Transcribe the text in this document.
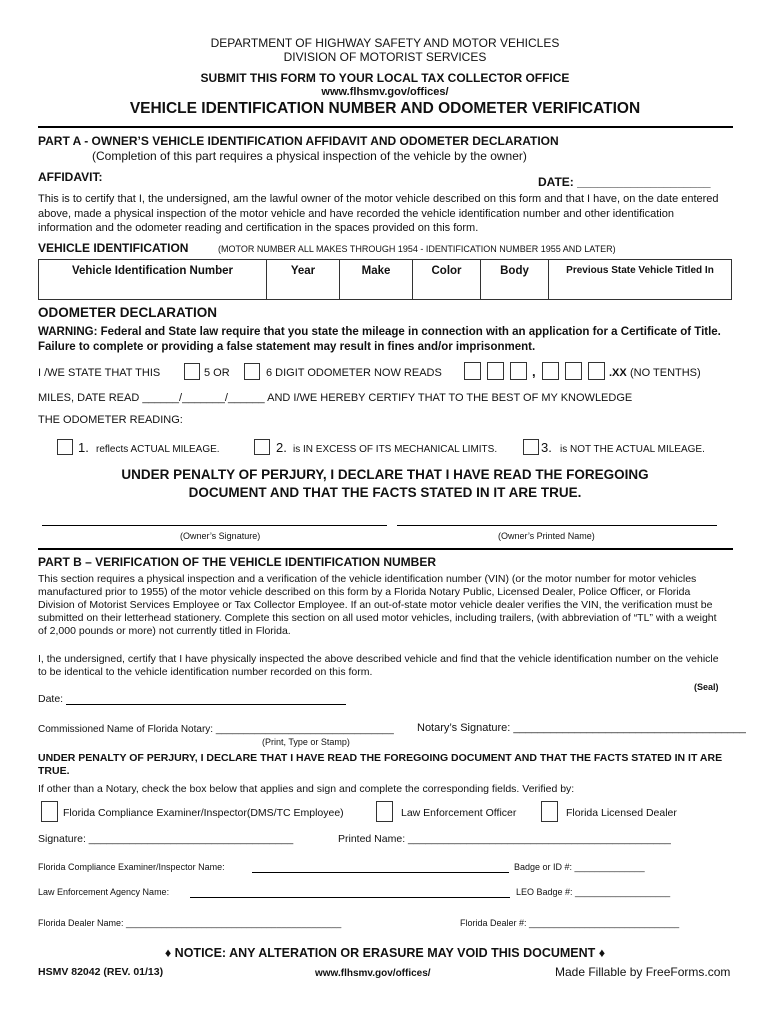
DEPARTMENT OF HIGHWAY SAFETY AND MOTOR VEHICLES
DIVISION OF MOTORIST SERVICES
SUBMIT THIS FORM TO YOUR LOCAL TAX COLLECTOR OFFICE
www.flhsmv.gov/offices/
VEHICLE IDENTIFICATION NUMBER AND ODOMETER VERIFICATION
PART A - OWNER’S VEHICLE IDENTIFICATION AFFIDAVIT AND ODOMETER DECLARATION
(Completion of this part requires a physical inspection of the vehicle by the owner)
AFFIDAVIT:	DATE: ____________________
This is to certify that I, the undersigned, am the lawful owner of the motor vehicle described on this form and that I have, on the date entered above, made a physical inspection of the motor vehicle and have recorded the vehicle identification number and other identification information and the odometer reading and certification in the spaces provided on this form.
VEHICLE IDENTIFICATION	(MOTOR NUMBER ALL MAKES THROUGH 1954 - IDENTIFICATION NUMBER 1955 AND LATER)
Vehicle Identification Number	Year	Make	Color	Body	Previous State Vehicle Titled In
ODOMETER DECLARATION
WARNING: Federal and State law require that you state the mileage in connection with an application for a Certificate of Title. Failure to complete or providing a false statement may result in fines and/or imprisonment.
I /WE STATE THAT THIS	5 OR	6 DIGIT ODOMETER NOW READS	,	.XX (NO TENTHS)
MILES, DATE READ ______/_______/______ AND I/WE HEREBY CERTIFY THAT TO THE BEST OF MY KNOWLEDGE
THE ODOMETER READING:
1. reflects ACTUAL MILEAGE.	2. is IN EXCESS OF ITS MECHANICAL LIMITS.	3. is NOT THE ACTUAL MILEAGE.
UNDER PENALTY OF PERJURY, I DECLARE THAT I HAVE READ THE FOREGOING
DOCUMENT AND THAT THE FACTS STATED IN IT ARE TRUE.
(Owner’s Signature)	(Owner’s Printed Name)
PART B – VERIFICATION OF THE VEHICLE IDENTIFICATION NUMBER
This section requires a physical inspection and a verification of the vehicle identification number (VIN) (or the motor number for motor vehicles manufactured prior to 1955) of the motor vehicle described on this form by a Florida Notary Public, Licensed Dealer, Police Officer, or Florida Division of Motorist Services Employee or Tax Collector Employee. If an out-of-state motor vehicle dealer verifies the VIN, the verification must be submitted on their letterhead stationery. Complete this section on all used motor vehicles, including trailers, (with abbreviation of “TL” with a weight of 2,000 pounds or more) not currently titled in Florida.
I, the undersigned, certify that I have physically inspected the above described vehicle and find that the vehicle identification number on the vehicle to be identical to the vehicle identification number recorded on this form.
(Seal)
Date:
Commissioned Name of Florida Notary: ________________________________ Notary’s Signature: ______________________________________
(Print, Type or Stamp)
UNDER PENALTY OF PERJURY, I DECLARE THAT I HAVE READ THE FOREGOING DOCUMENT AND THAT THE FACTS STATED IN IT ARE TRUE.
If other than a Notary, check the box below that applies and sign and complete the corresponding fields. Verified by:
Florida Compliance Examiner/Inspector(DMS/TC Employee)	Law Enforcement Officer	Florida Licensed Dealer
Signature: ___________________________________	Printed Name: _____________________________________________
Florida Compliance Examiner/Inspector Name:	Badge or ID #: ______________
Law Enforcement Agency Name:	LEO Badge #: ___________________
Florida Dealer Name: ___________________________________________	Florida Dealer #: ______________________________
♦ NOTICE: ANY ALTERATION OR ERASURE MAY VOID THIS DOCUMENT ♦
HSMV 82042 (REV. 01/13)	www.flhsmv.gov/offices/	Made Fillable by FreeForms.com
